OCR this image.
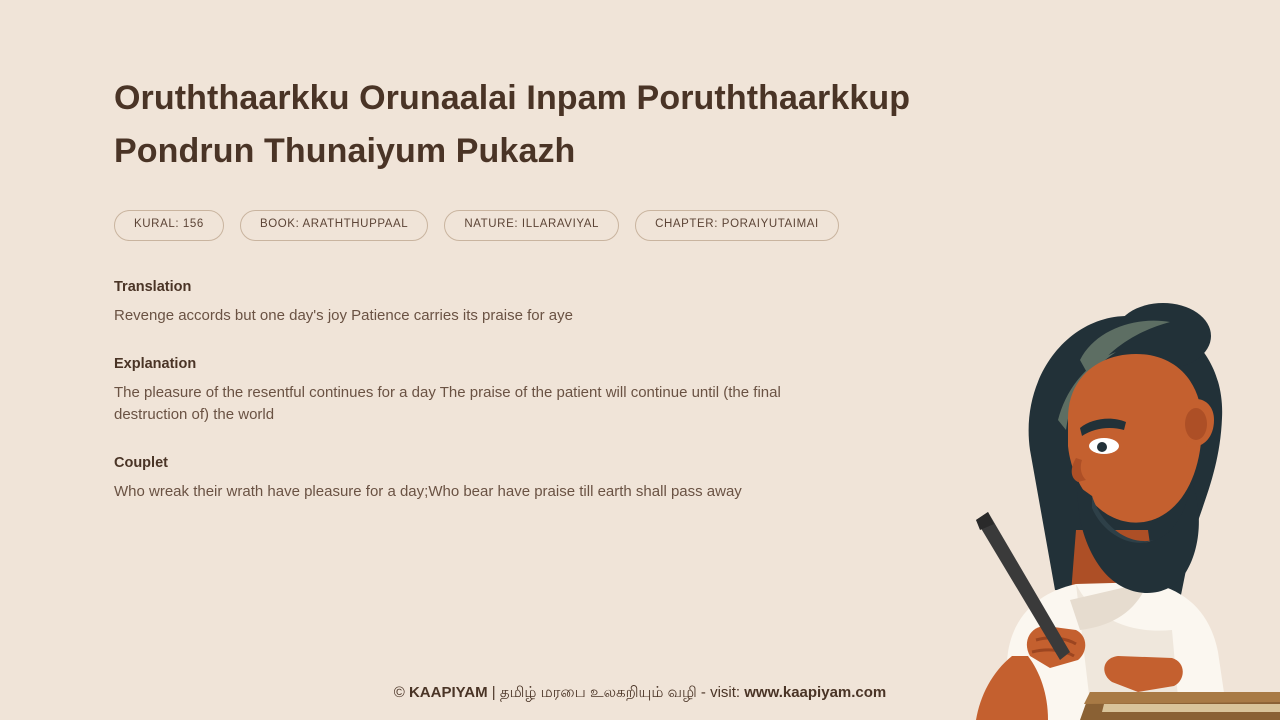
Oruththaarkku Orunaalai Inpam Poruththaarkkup Pondrun Thunaiyum Pukazh
KURAL: 156	BOOK: ARATHTHUPPAAL	NATURE: ILLARAVIYAL	CHAPTER: PORAIYUTAIMAI
Translation
Revenge accords but one day's joy Patience carries its praise for aye
Explanation
The pleasure of the resentful continues for a day The praise of the patient will continue until (the final destruction of) the world
Couplet
Who wreak their wrath have pleasure for a day;Who bear have praise till earth shall pass away
© KAAPIYAM | தமிழ் மரபை உலகறியும் வழி - visit: www.kaapiyam.com
